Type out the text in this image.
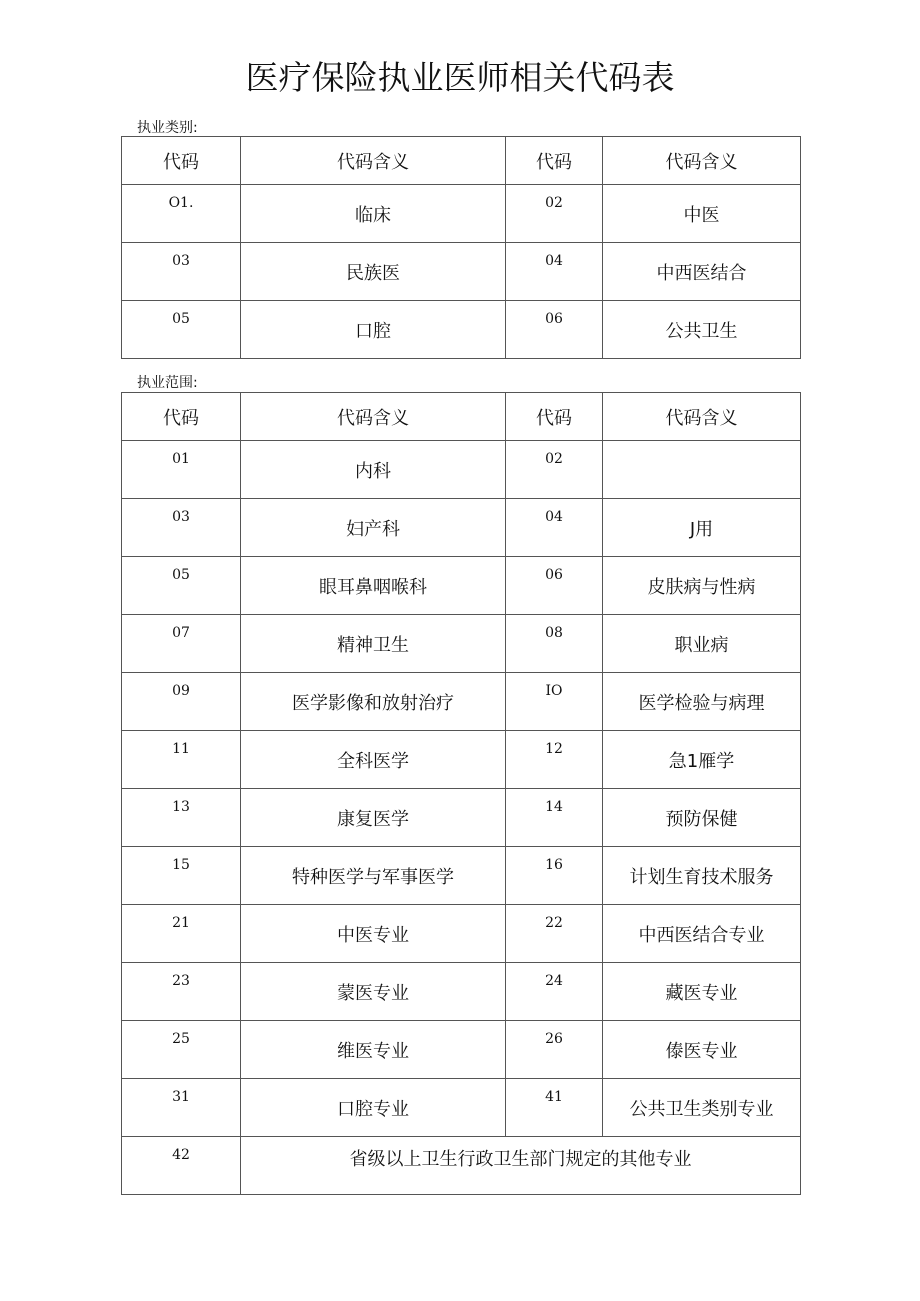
医疗保险执业医师相关代码表
执业类别:
代码	代码含义	代码	代码含义
O1.	临床	02	中医
03	民族医	04	中西医结合
05	口腔	06	公共卫生
执业范围:
代码	代码含义	代码	代码含义
01	内科	02	
03	妇产科	04	J用
05	眼耳鼻咽喉科	06	皮肤病与性病
07	精神卫生	08	职业病
09	医学影像和放射治疗	IO	医学检验与病理
11	全科医学	12	急1雁学
13	康复医学	14	预防保健
15	特种医学与军事医学	16	计划生育技术服务
21	中医专业	22	中西医结合专业
23	蒙医专业	24	藏医专业
25	维医专业	26	傣医专业
31	口腔专业	41	公共卫生类别专业
42	省级以上卫生行政卫生部门规定的其他专业		
